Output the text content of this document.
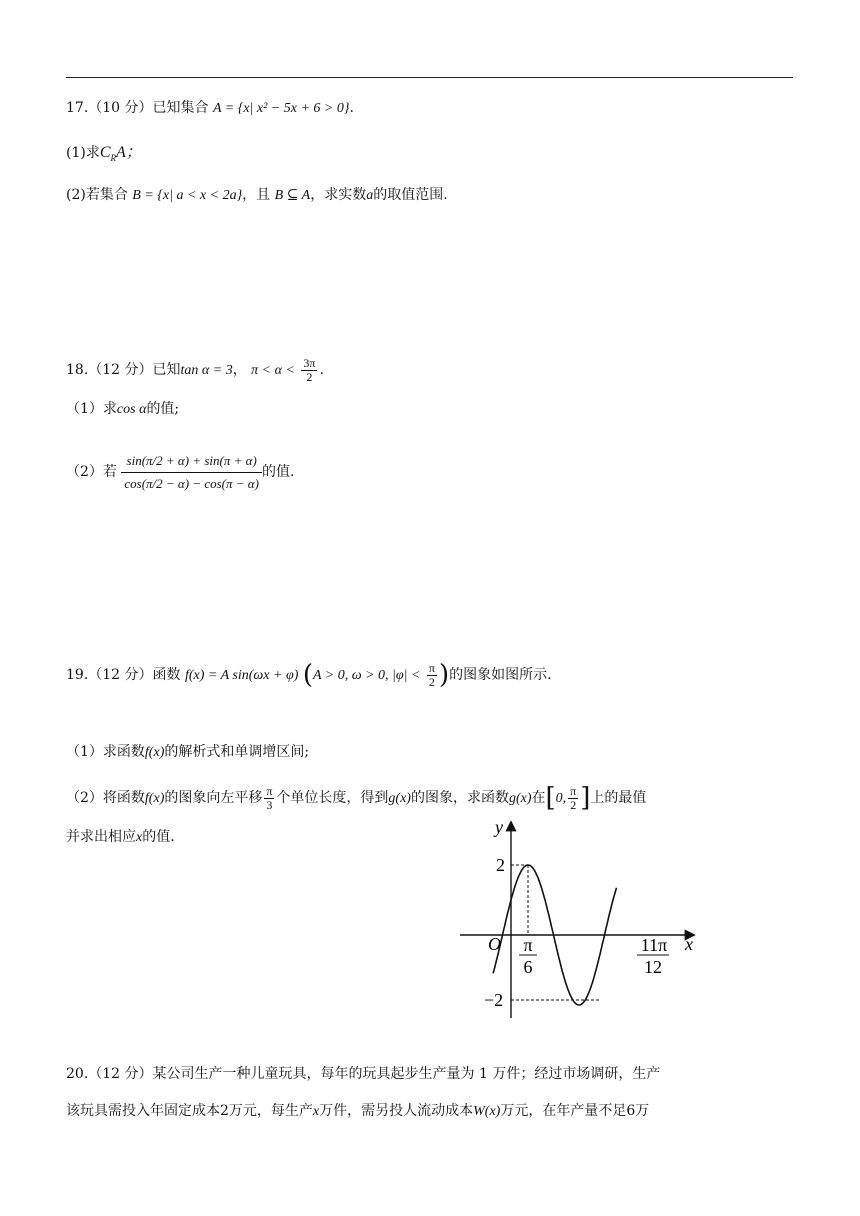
17.（10 分）已知集合 A = {x| x² − 5x + 6 > 0}.
(1)求$C_RA$；
(2)若集合 B = {x| a < x < 2a}，且 B ⊆ A，求实数a的取值范围.
18.（12 分）已知tan α = 3， $\pi < \alpha < \frac{3\pi}{2}$ .
（1）求cos α的值;
（2）若 $\frac{\sin(\pi/2 + \alpha) + \sin(\pi + \alpha)}{\cos(\pi/2 - \alpha) - \cos(\pi - \alpha)}$ 的值.
19.（12 分）函数 f(x) = A sin(ωx + φ) (A > 0, ω > 0, $|\varphi| < \frac{\pi}{2}$ )的图象如图所示.
（1）求函数f(x)的解析式和单调增区间;
（2）将函数f(x)的图象向左平移 $\frac{\pi}{3}$ 个单位长度，得到g(x)的图象，求函数g(x)在[0, $\frac{\pi}{2}$ ]上的最值
并求出相应x的值.	y
x
O
2
−2
π
6
11π
12
20.（12 分）某公司生产一种儿童玩具，每年的玩具起步生产量为 1 万件；经过市场调研，生产
该玩具需投入年固定成本2万元，每生产x万件，需另投人流动成本W(x)万元，在年产量不足6万
